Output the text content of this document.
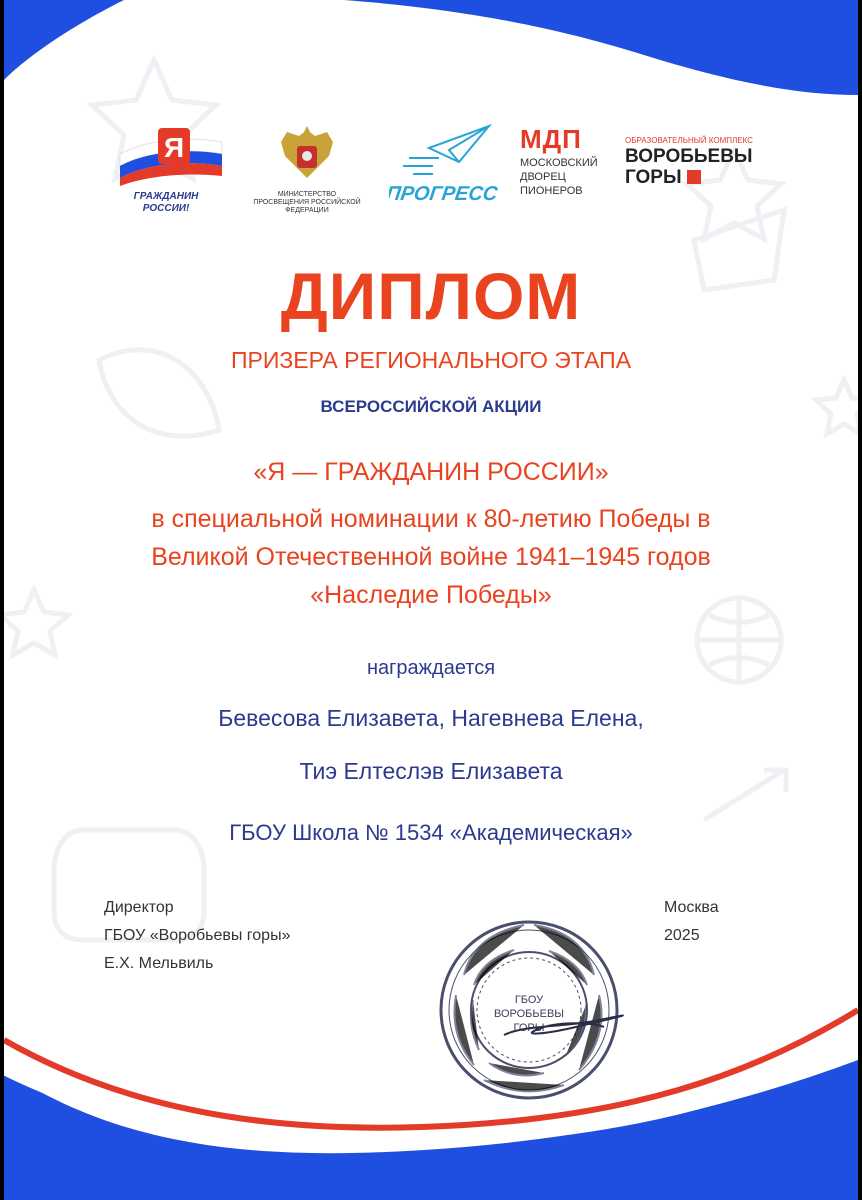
Я
ГРАЖДАНИН РОССИИ!
МИНИСТЕРСТВО ПРОСВЕЩЕНИЯ РОССИЙСКОЙ ФЕДЕРАЦИИ
ПРОГРЕСС
МДП
МОСКОВСКИЙ
ДВОРЕЦ
ПИОНЕРОВ
ОБРАЗОВАТЕЛЬНЫЙ КОМПЛЕКС
ВОРОБЬЕВЫ
ГОРЫ
ДИПЛОМ
ПРИЗЕРА РЕГИОНАЛЬНОГО ЭТАПА
ВСЕРОССИЙСКОЙ АКЦИИ
«Я — ГРАЖДАНИН РОССИИ»
в специальной номинации к 80-летию Победы в
Великой Отечественной войне 1941–1945 годов
«Наследие Победы»
награждается
Бевесова Елизавета, Нагевнева Елена,
Тиэ Елтеслэв Елизавета
ГБОУ Школа № 1534 «Академическая»
Директор
ГБОУ «Воробьевы горы»
Е.Х. Мельвиль
Москва
2025
ГБОУ
ВОРОБЬЕВЫ
ГОРЫ
